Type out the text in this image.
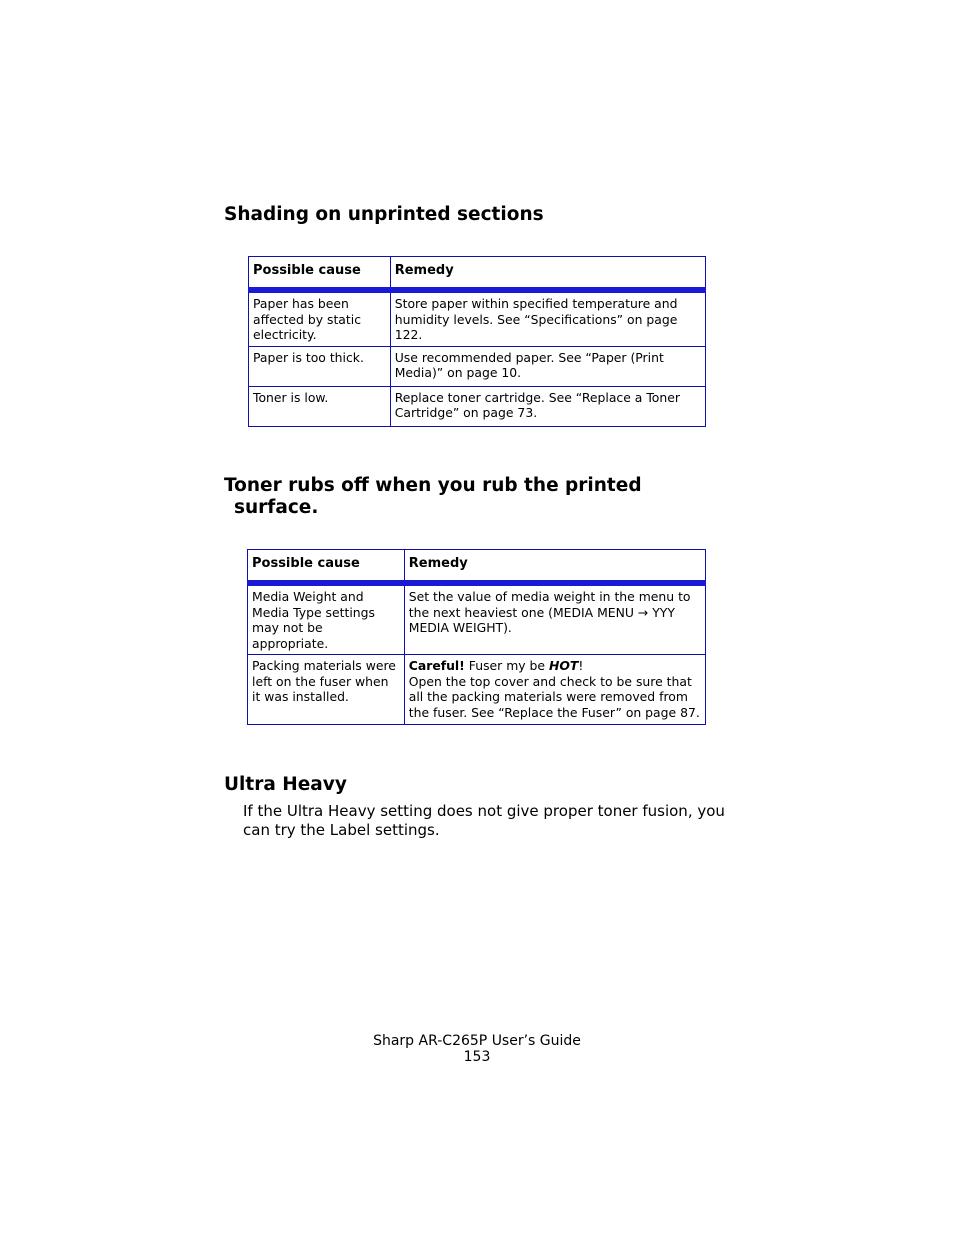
Shading on unprinted sections
Possible cause	Remedy
Paper has been affected by static electricity.	Store paper within specified temperature and humidity levels. See “Specifications” on page 122.
Paper is too thick.	Use recommended paper. See “Paper (Print Media)” on page 10.
Toner is low.	Replace toner cartridge. See “Replace a Toner Cartridge” on page 73.
Toner rubs off when you rub the printed
surface.
Possible cause	Remedy
Media Weight and Media Type settings may not be appropriate.	Set the value of media weight in the menu to the next heaviest one (MEDIA MENU → YYY MEDIA WEIGHT).
Packing materials were left on the fuser when it was installed.	Careful! Fuser my be HOT!
Open the top cover and check to be sure that all the packing materials were removed from the fuser. See “Replace the Fuser” on page 87.
Ultra Heavy

If the Ultra Heavy setting does not give proper toner fusion, you can try the Label settings.

Sharp AR-C265P User’s Guide
153
